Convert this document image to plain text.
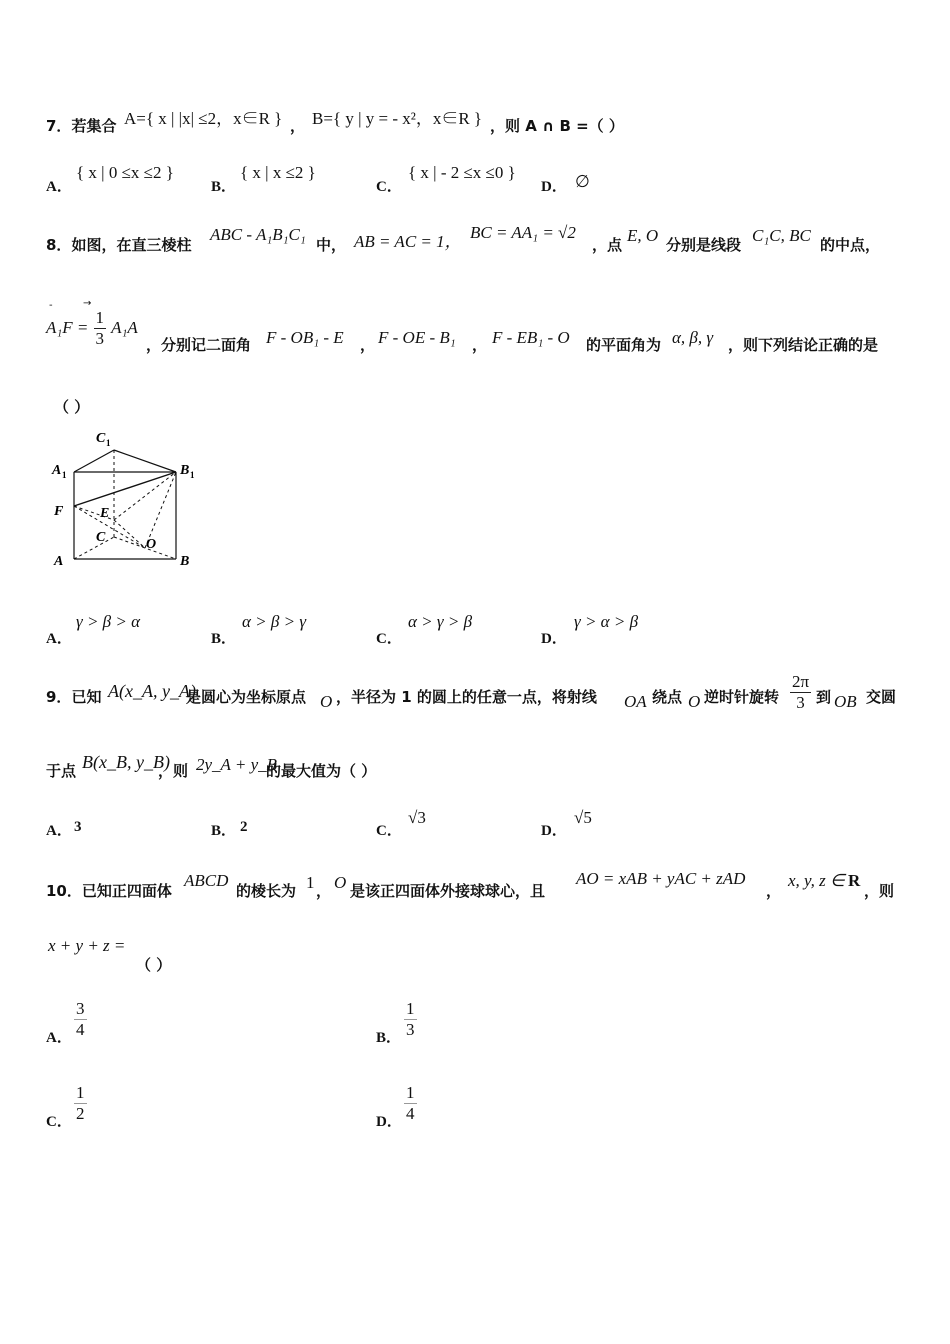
7．若集合 A={ x | |x| ≤2，x∈R } ， B={ y | y = - x²，x∈R } ，则 A ∩ B =（ ）
A．
{ x | 0 ≤x ≤2 }
B．
{ x | x ≤2 }
C．
{ x | - 2 ≤x ≤0 }
D． ∅
8．如图，在直三棱柱
ABC - A₁B₁C₁
中， AB = AC = 1， BC = AA₁ = √2
，点 E, O 分别是线段 C₁C, BC 的中点，
$A_1F = \frac{1}{3} A_1A$
‐	→
，分别记二面角 F - OB₁ - E ， F - OE - B₁ ， F - EB₁ - O 的平面角为 α, β, γ ，则下列结论正确的是
（ ）
C 1
A 1	B 1
F	E
C	O
A	B
A．
γ > β > α
B．
α > β > γ
C．
α > γ > β
D．
γ > α > β
9．已知 A(x_A, y_A)
是圆心为坐标原点 O ，半径为 1 的圆上的任意一点，将射线 OA 绕点 O 逆时针旋转 $\frac{2\pi}{3}$ 到 OB 交圆
于点 B(x_B, y_B)
，则 2y_A + y_B
的最大值为（ ）
A． 3	B． 2	C．
√3
D．
√5
10．已知正四面体
ABCD
的棱长为 1 ， O 是该正四面体外接球球心，且
AO = xAB + yAC + zAD
，
x, y, z ∈ R
，则
x + y + z =
（ ）
A． $\frac{3}{4}$	B． $\frac{1}{3}$
C． $\frac{1}{2}$	D． $\frac{1}{4}$
